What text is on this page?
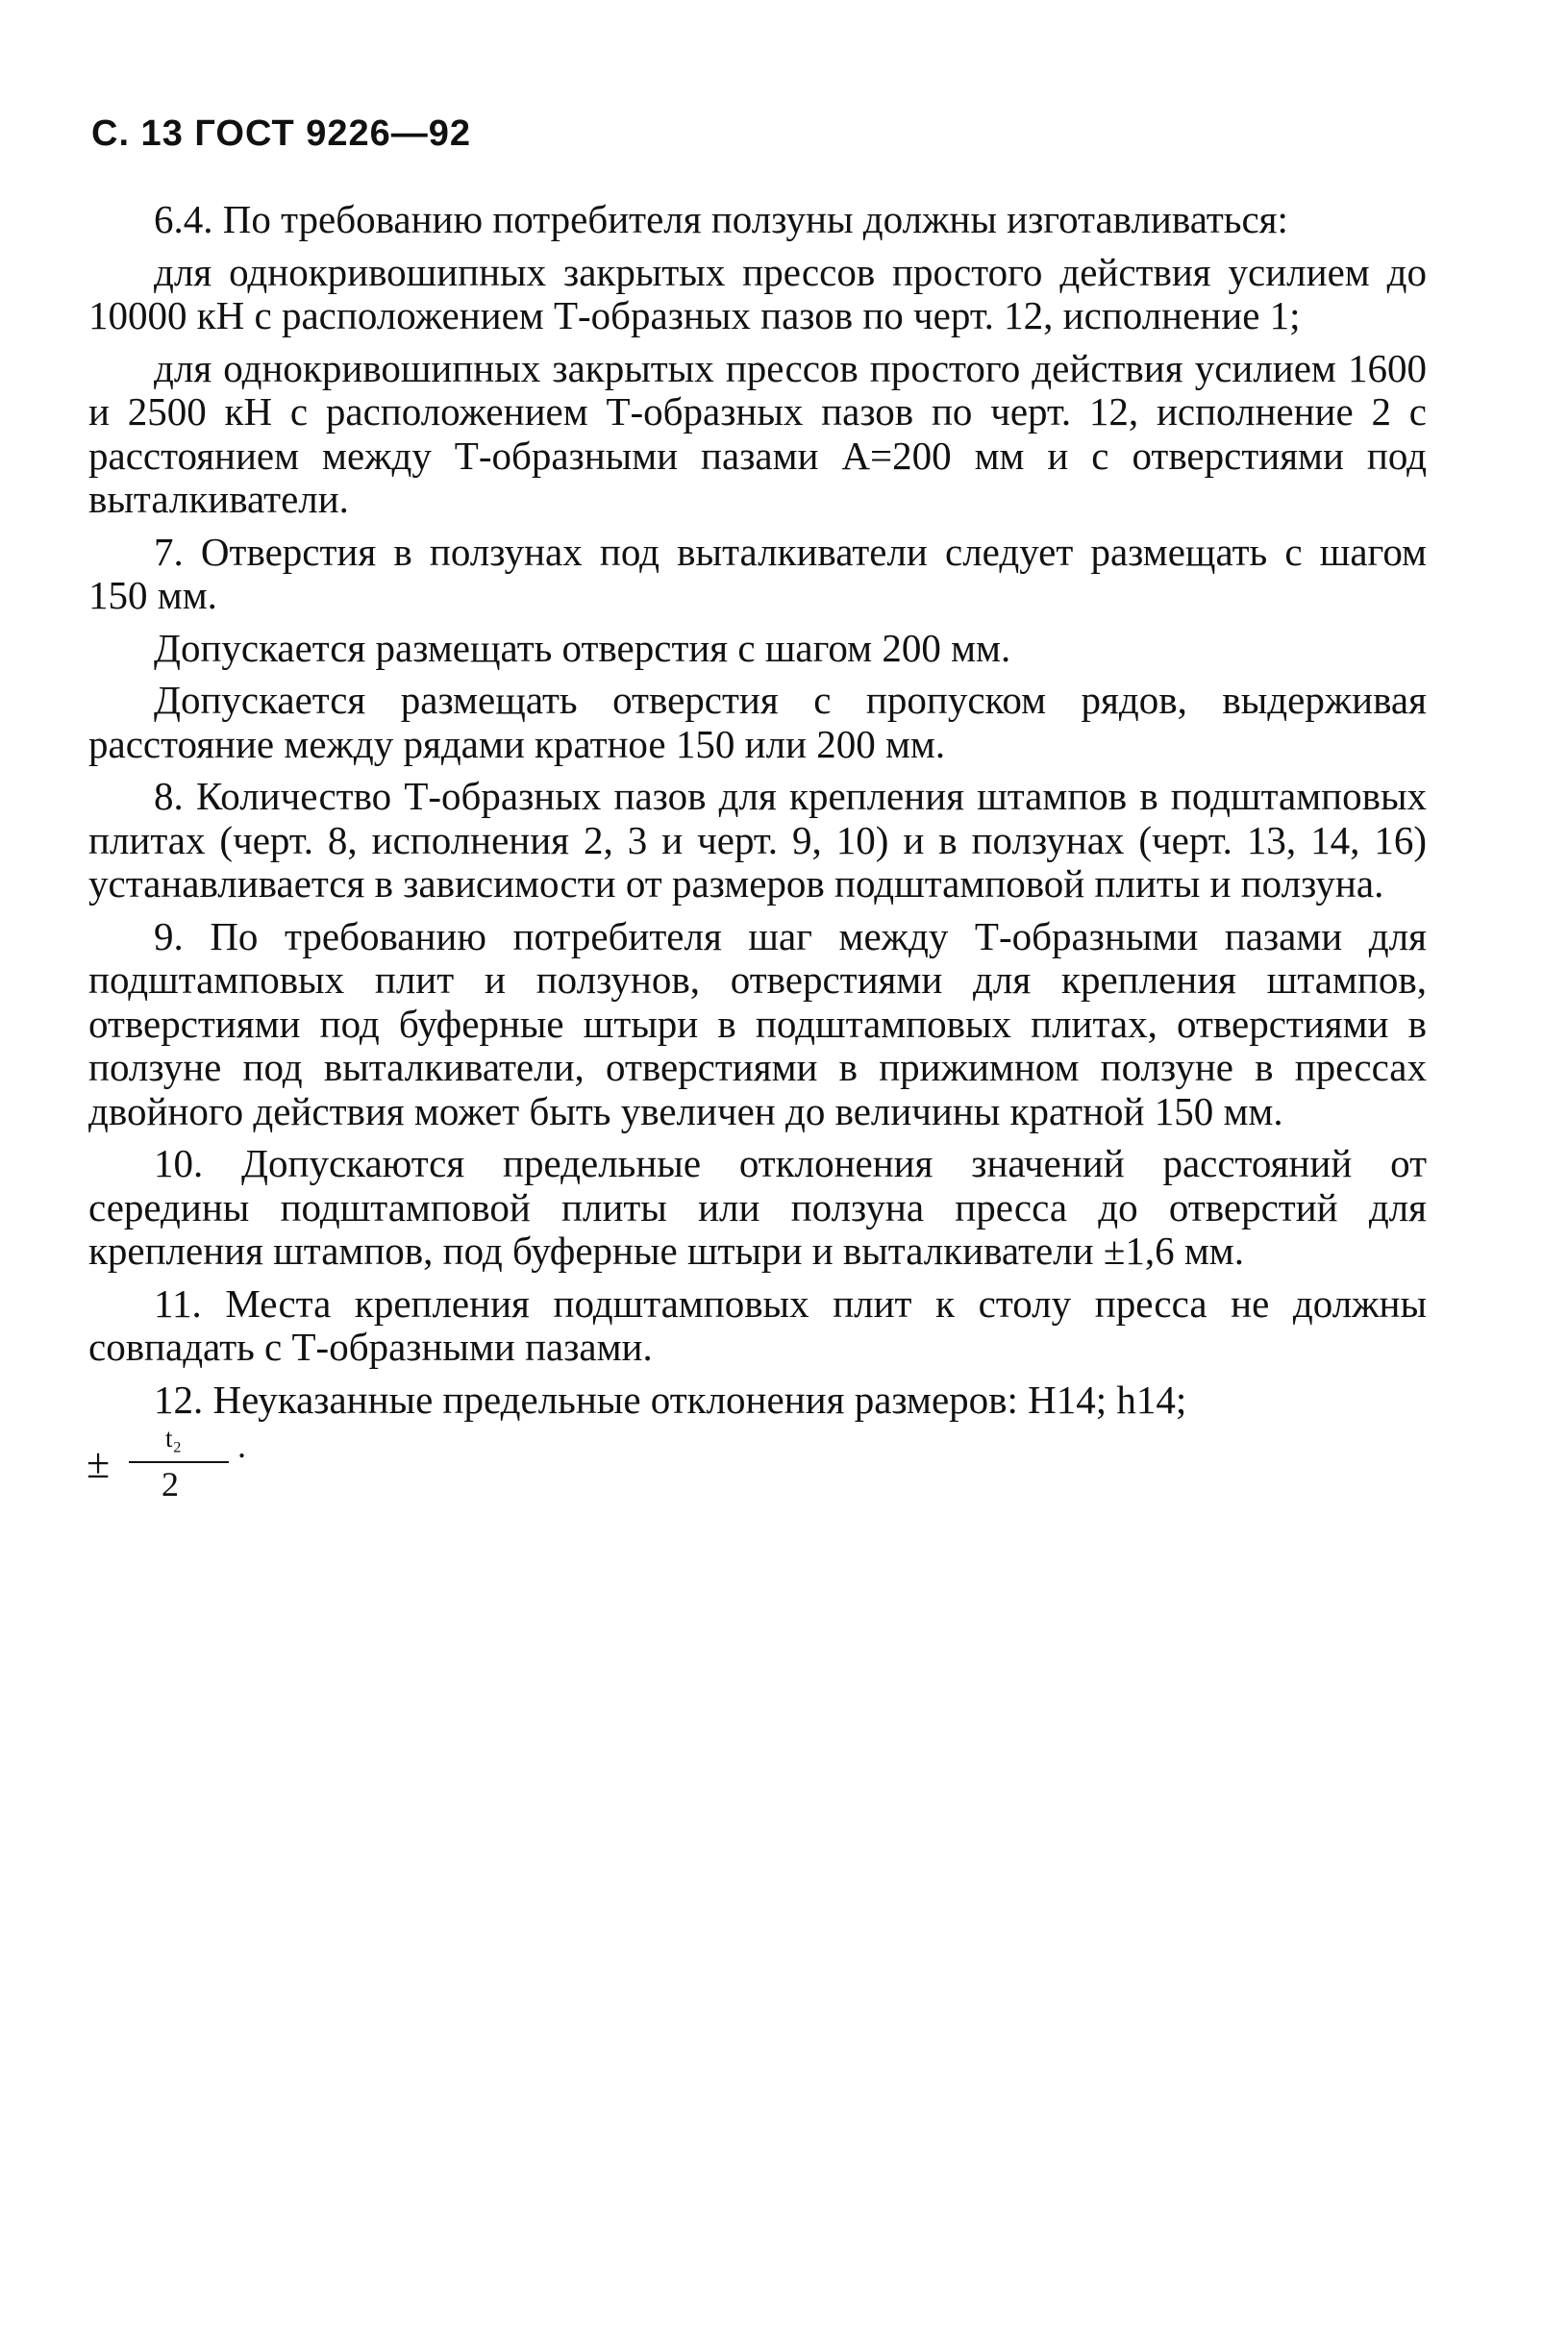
С. 13 ГОСТ 9226—92

6.4. По требованию потребителя ползуны должны изготавливаться:

для однокривошипных закрытых прессов простого действия усилием до 10000 кН с расположением Т-образных пазов по черт. 12, исполнение 1;

для однокривошипных закрытых прессов простого действия усилием 1600 и 2500 кН с расположением Т-образных пазов по черт. 12, исполнение 2 с расстоянием между Т-образными пазами А=200 мм и с отверстиями под выталкиватели.

7. Отверстия в ползунах под выталкиватели следует размещать с шагом 150 мм.

Допускается размещать отверстия с шагом 200 мм.

Допускается размещать отверстия с пропуском рядов, выдерживая расстояние между рядами кратное 150 или 200 мм.

8. Количество Т-образных пазов для крепления штампов в подштамповых плитах (черт. 8, исполнения 2, 3 и черт. 9, 10) и в ползунах (черт. 13, 14, 16) устанавливается в зависимости от размеров подштамповой плиты и ползуна.

9. По требованию потребителя шаг между Т-образными пазами для подштамповых плит и ползунов, отверстиями для крепления штампов, отверстиями под буферные штыри в подштамповых плитах, отверстиями в ползуне под выталкиватели, отверстиями в прижимном ползуне в прессах двойного действия может быть увеличен до величины кратной 150 мм.

10. Допускаются предельные отклонения значений расстояний от середины подштамповой плиты или ползуна пресса до отверстий для крепления штампов, под буферные штыри и выталкиватели ±1,6 мм.

11. Места крепления подштамповых плит к столу пресса не должны совпадать с Т-образными пазами.

12. Неуказанные предельные отклонения размеров: Н14; h14;

±
t₂
2
.
